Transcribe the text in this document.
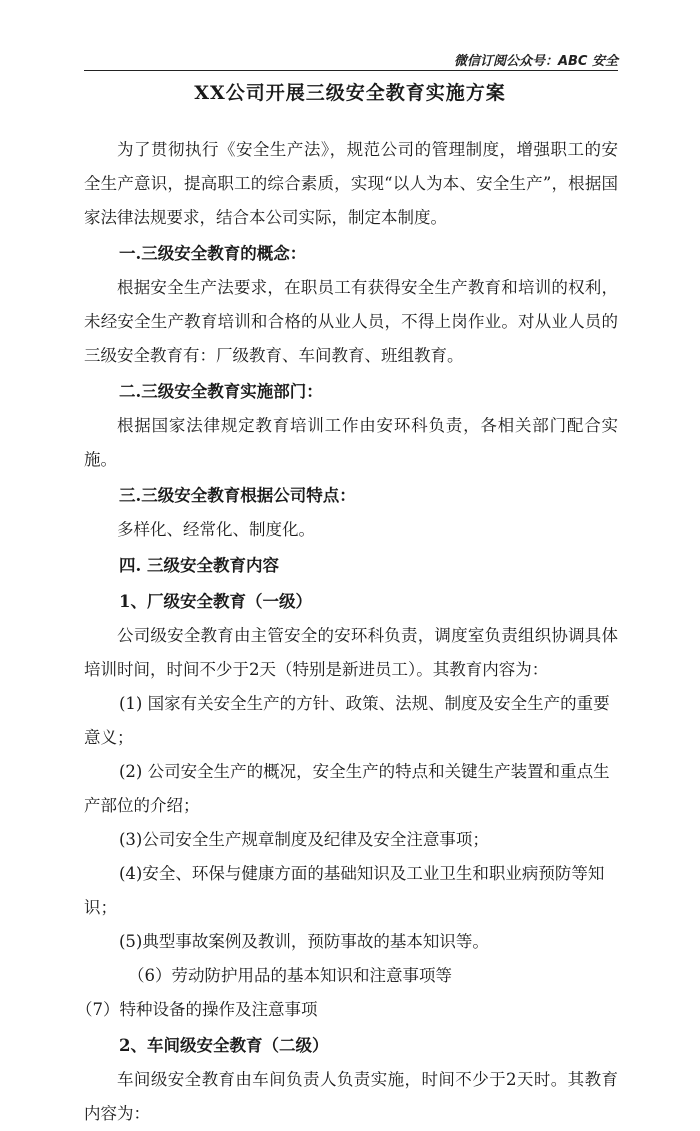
微信订阅公众号：ABC 安全
XX公司开展三级安全教育实施方案

为了贯彻执行《安全生产法》，规范公司的管理制度，增强职工的安全生产意识，提高职工的综合素质，实现“以人为本、安全生产”，根据国家法律法规要求，结合本公司实际，制定本制度。

一.三级安全教育的概念：

根据安全生产法要求，在职员工有获得安全生产教育和培训的权利，未经安全生产教育培训和合格的从业人员，不得上岗作业。对从业人员的三级安全教育有：厂级教育、车间教育、班组教育。

二.三级安全教育实施部门：

根据国家法律规定教育培训工作由安环科负责，各相关部门配合实施。

三.三级安全教育根据公司特点：

多样化、经常化、制度化。

四. 三级安全教育内容

1、厂级安全教育（一级）

公司级安全教育由主管安全的安环科负责，调度室负责组织协调具体培训时间，时间不少于2天（特别是新进员工）。其教育内容为：

(1) 国家有关安全生产的方针、政策、法规、制度及安全生产的重要意义；

(2) 公司安全生产的概况，安全生产的特点和关键生产装置和重点生产部位的介绍；

(3)公司安全生产规章制度及纪律及安全注意事项；

(4)安全、环保与健康方面的基础知识及工业卫生和职业病预防等知识；

(5)典型事故案例及教训，预防事故的基本知识等。

（6）劳动防护用品的基本知识和注意事项等

（7）特种设备的操作及注意事项

2、车间级安全教育（二级）

车间级安全教育由车间负责人负责实施，时间不少于2天时。其教育内容为：
